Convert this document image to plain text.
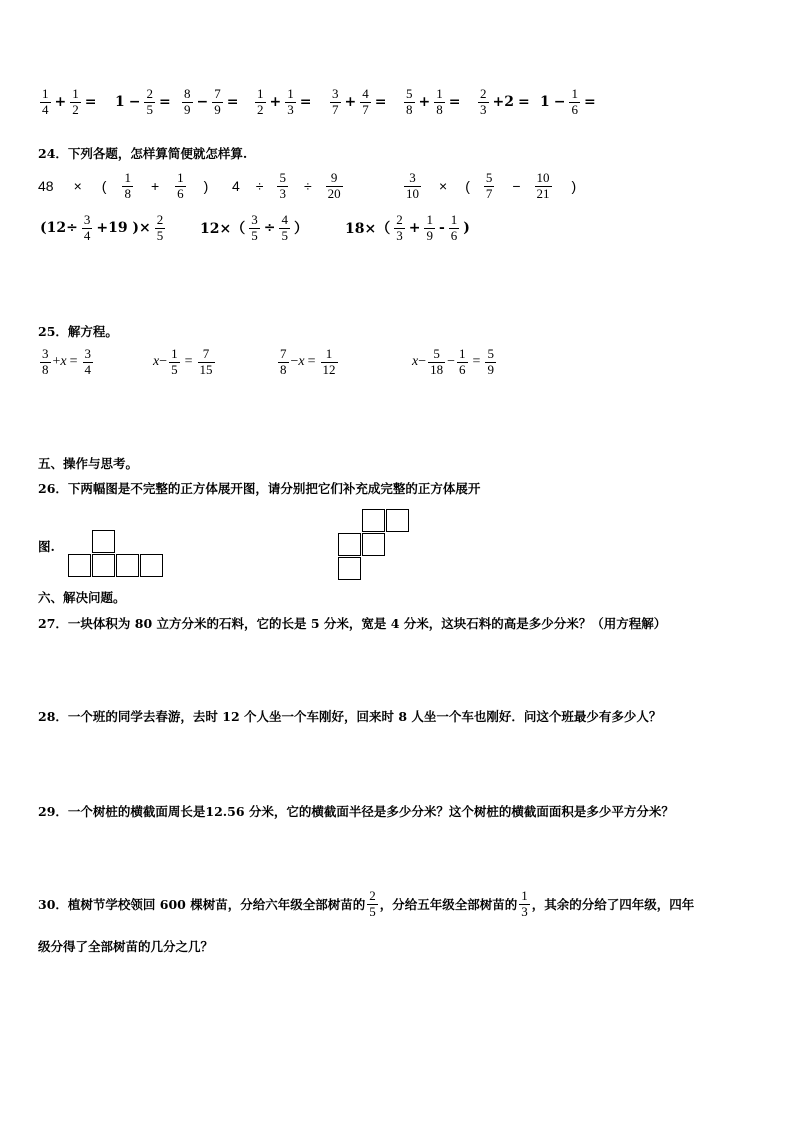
$\frac{1}{4} + \frac{1}{2} = 1 - \frac{2}{5} = \frac{8}{9} - \frac{7}{9} = \frac{1}{2} + \frac{1}{3} = \frac{3}{7} + \frac{4}{7} = \frac{5}{8} + \frac{1}{8} = \frac{2}{3} +2 = 1 - \frac{1}{6}$ =
24．下列各题，怎样算简便就怎样算.
48 × ( $\frac{1}{8} + \frac{1}{6}$ ) $4 \div \frac{5}{3} \div \frac{9}{20}$	$\frac{3}{10}$ × ( $\frac{5}{7} - \frac{10}{21}$ )
($12\div \frac{3}{4} +19$ )× $\frac{2}{5} 12\times( \frac{3}{5} \div \frac{4}{5}$ ）	$18\times( \frac{2}{3} + \frac{1}{9} - \frac{1}{6}$ )
25．解方程。
$\frac{3}{8} +x = \frac{3}{4}$	$x- \frac{1}{5} = \frac{7}{15}$	$\frac{7}{8} -x = \frac{1}{12}$	$x- \frac{5}{18} - \frac{1}{6} = \frac{5}{9}$
五、操作与思考。
26．下两幅图是不完整的正方体展开图，请分别把它们补充成完整的正方体展开
图.
六、解决问题。
27．一块体积为 80 立方分米的石料，它的长是 5 分米，宽是 4 分米，这块石料的高是多少分米？（用方程解）
28．一个班的同学去春游，去时 12 个人坐一个车刚好，回来时 8 人坐一个车也刚好．问这个班最少有多少人？
29．一个树桩的横截面周长是12.56 分米，它的横截面半径是多少分米？这个树桩的横截面面积是多少平方分米？
30．植树节学校领回 600 棵树苗，分给六年级全部树苗的 $\frac{2}{5}$ ，分给五年级全部树苗的 $\frac{1}{3}$ ，其余的分给了四年级，四年
级分得了全部树苗的几分之几？
